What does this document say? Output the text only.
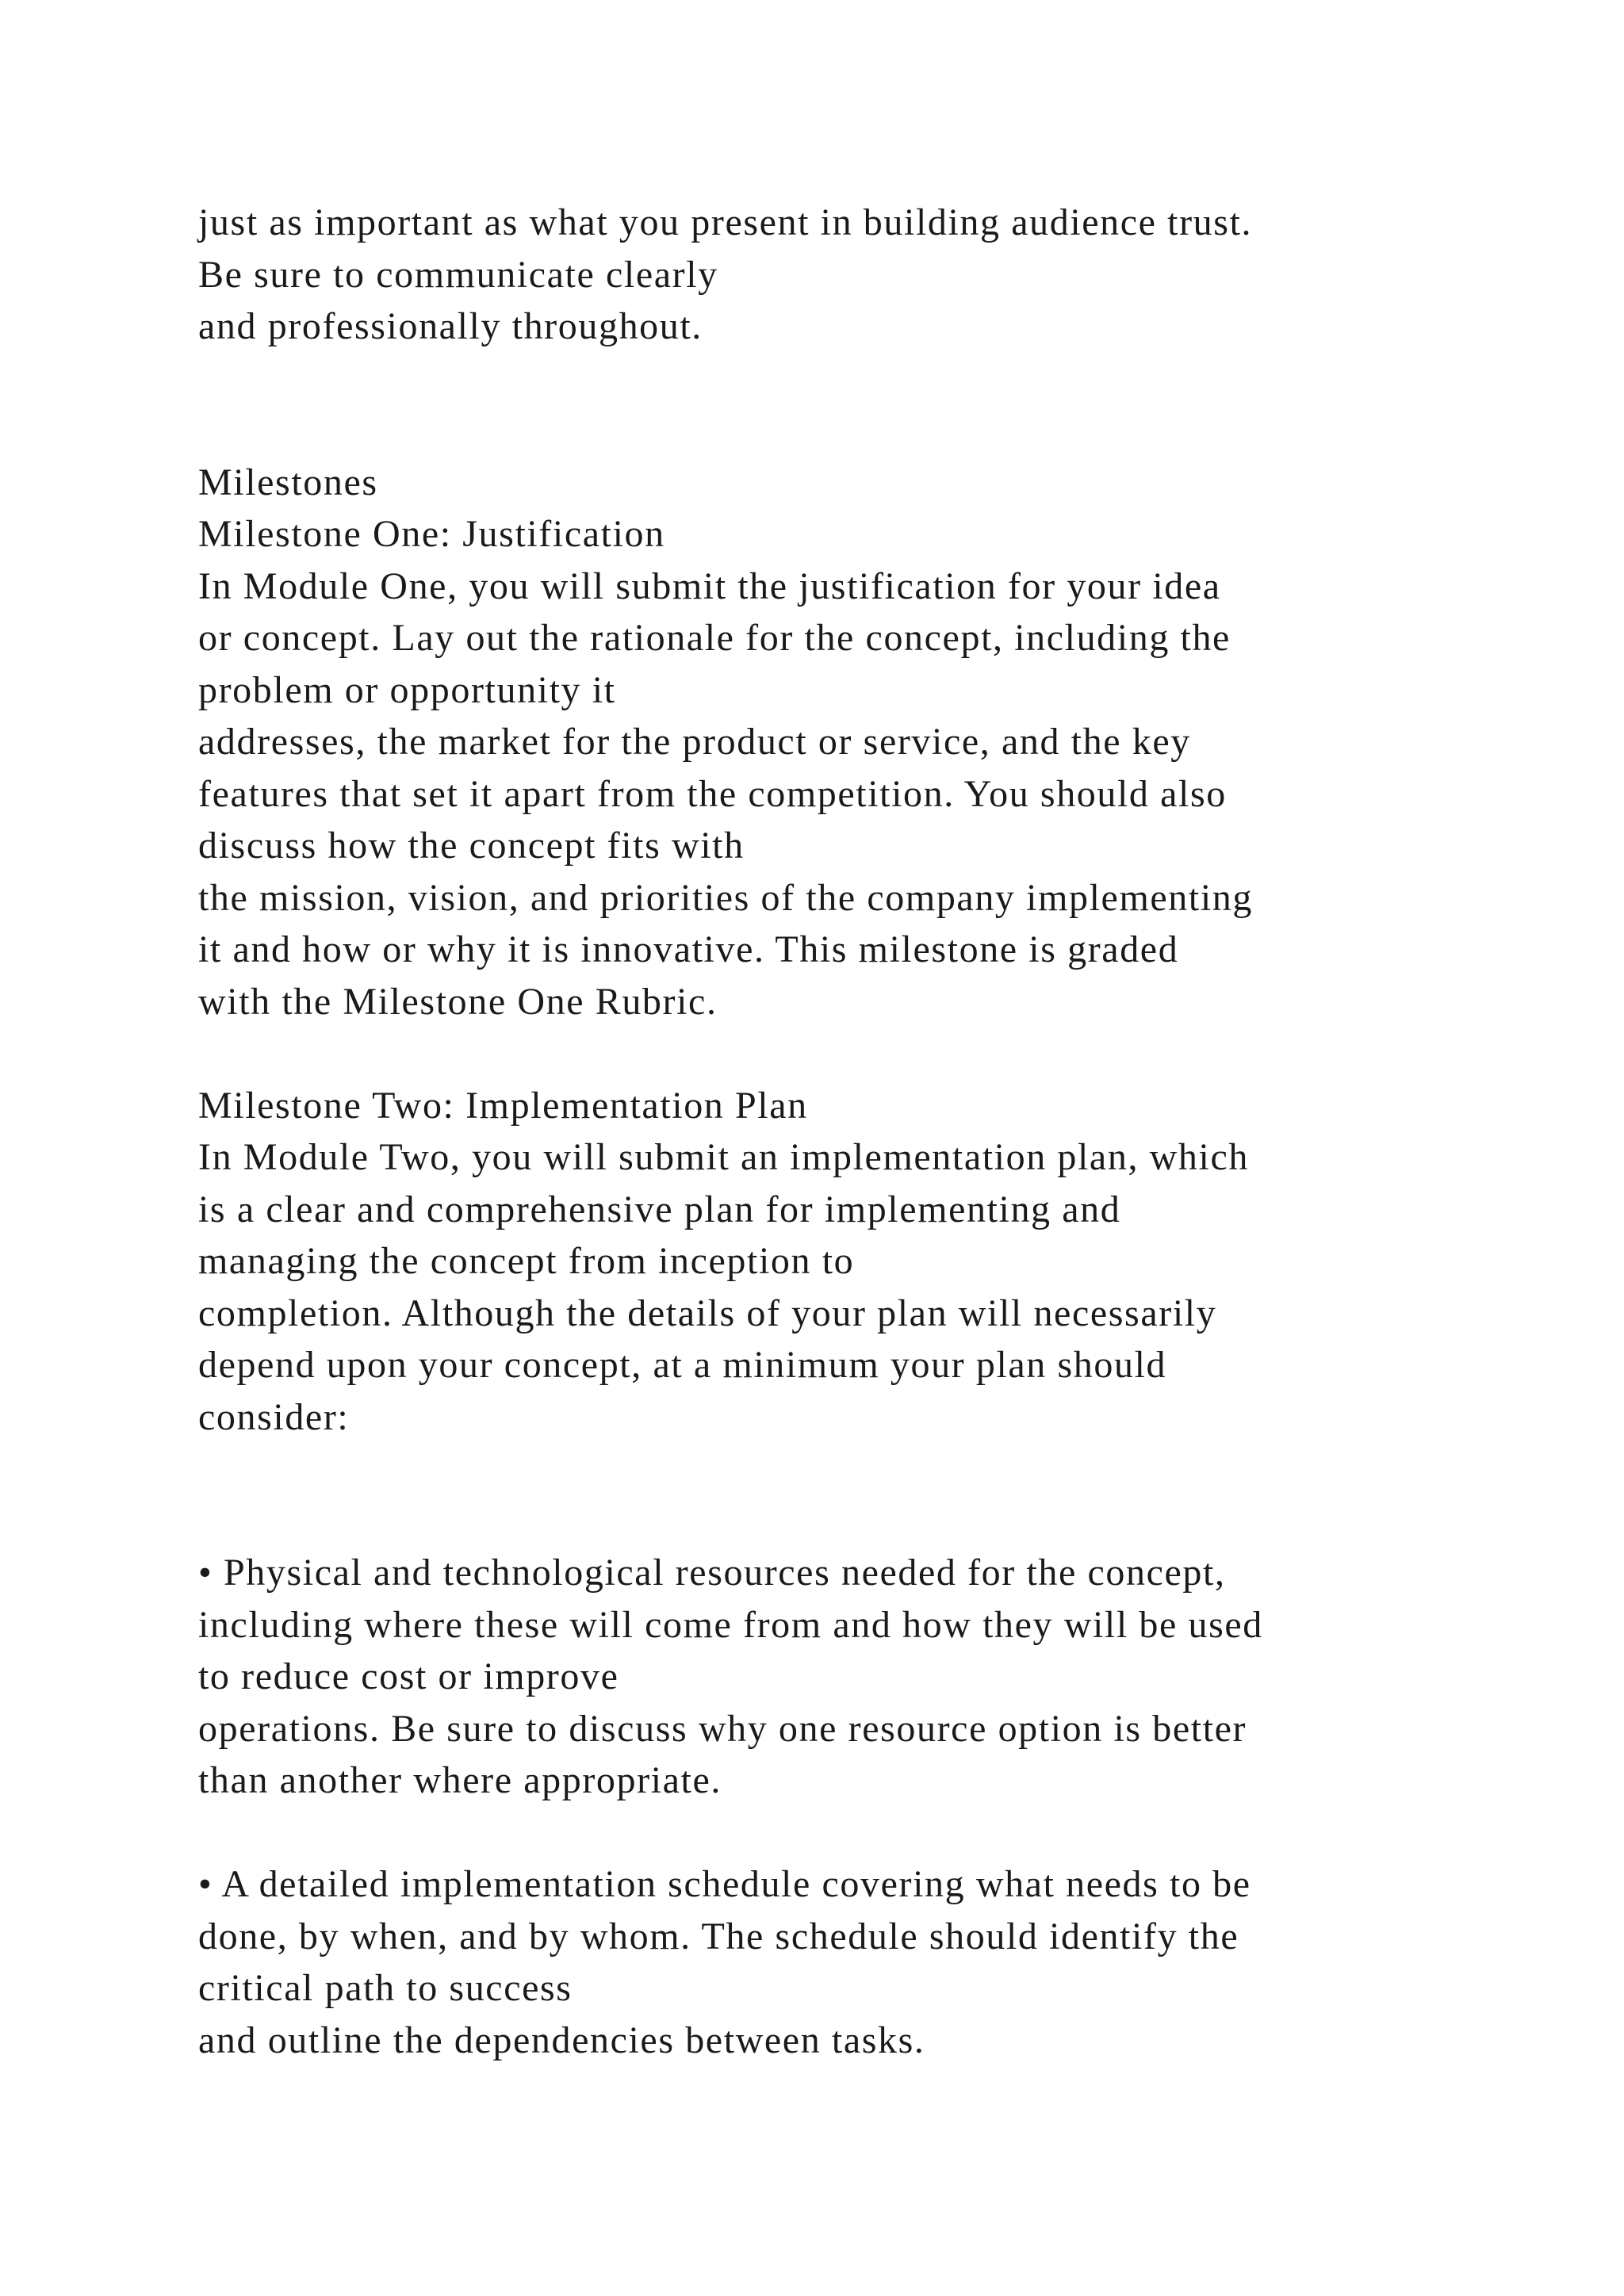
just as important as what you present in building audience trust.
Be sure to communicate clearly
and professionally throughout.
Milestones
Milestone One: Justification
In Module One, you will submit the justification for your idea
or concept. Lay out the rationale for the concept, including the
problem or opportunity it
addresses, the market for the product or service, and the key
features that set it apart from the competition. You should also
discuss how the concept fits with
the mission, vision, and priorities of the company implementing
it and how or why it is innovative. This milestone is graded
with the Milestone One Rubric.
Milestone Two: Implementation Plan
In Module Two, you will submit an implementation plan, which
is a clear and comprehensive plan for implementing and
managing the concept from inception to
completion. Although the details of your plan will necessarily
depend upon your concept, at a minimum your plan should
consider:
• Physical and technological resources needed for the concept,
including where these will come from and how they will be used
to reduce cost or improve
operations. Be sure to discuss why one resource option is better
than another where appropriate.
• A detailed implementation schedule covering what needs to be
done, by when, and by whom. The schedule should identify the
critical path to success
and outline the dependencies between tasks.
